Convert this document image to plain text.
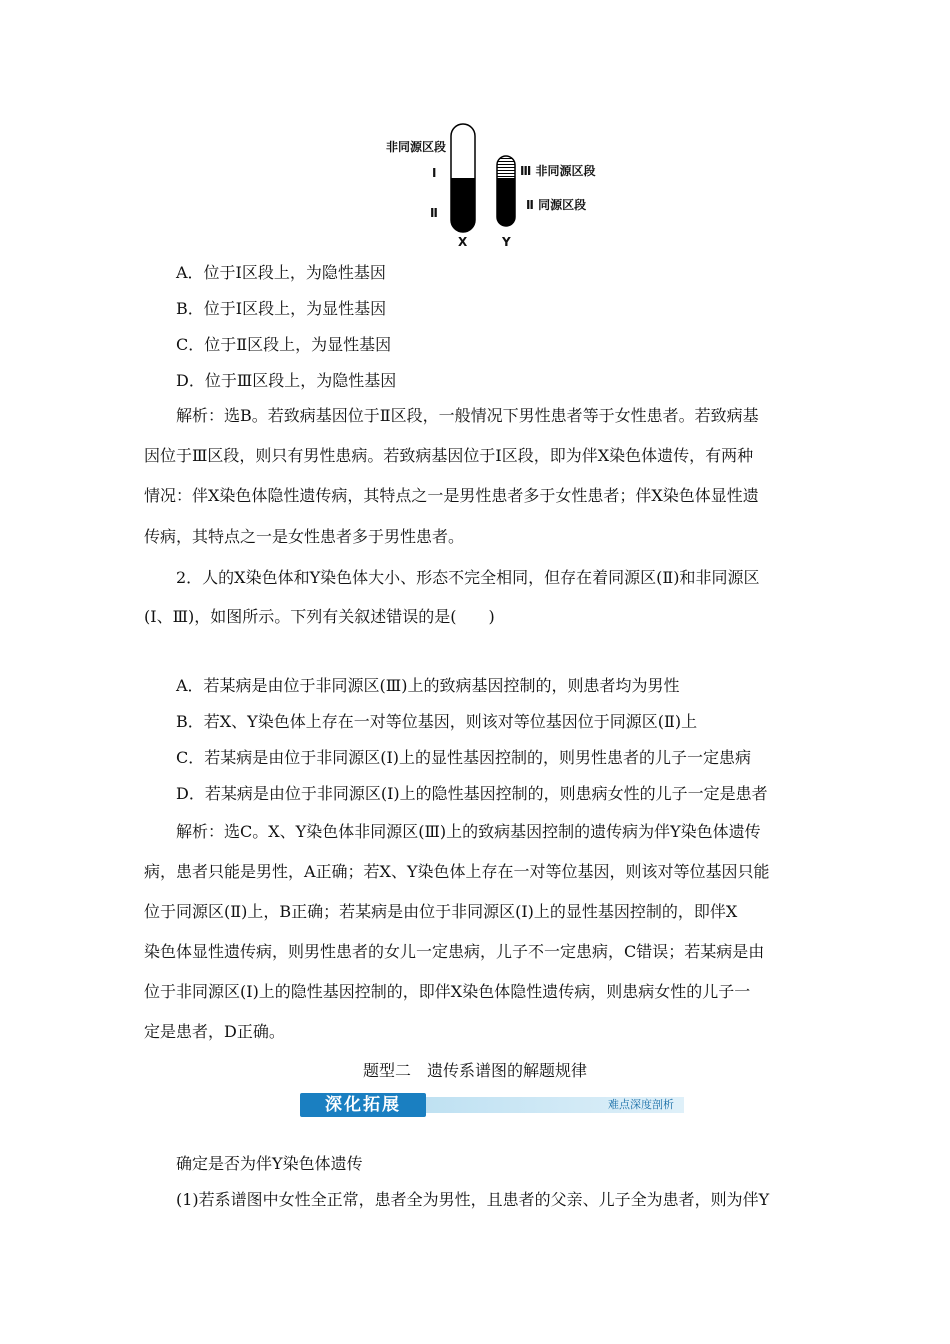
非同源区段
Ⅰ
Ⅱ
X	Y
Ⅲ 非同源区段
Ⅱ 同源区段
A．位于Ⅰ区段上，为隐性基因
B．位于Ⅰ区段上，为显性基因
C．位于Ⅱ区段上，为显性基因
D．位于Ⅲ区段上，为隐性基因
解析：选B。若致病基因位于Ⅱ区段，一般情况下男性患者等于女性患者。若致病基
因位于Ⅲ区段，则只有男性患病。若致病基因位于Ⅰ区段，即为伴X染色体遗传，有两种
情况：伴X染色体隐性遗传病，其特点之一是男性患者多于女性患者；伴X染色体显性遗
传病，其特点之一是女性患者多于男性患者。
2．人的X染色体和Y染色体大小、形态不完全相同，但存在着同源区(Ⅱ)和非同源区
(Ⅰ、Ⅲ)，如图所示。下列有关叙述错误的是(　　)
A．若某病是由位于非同源区(Ⅲ)上的致病基因控制的，则患者均为男性
B．若X、Y染色体上存在一对等位基因，则该对等位基因位于同源区(Ⅱ)上
C．若某病是由位于非同源区(Ⅰ)上的显性基因控制的，则男性患者的儿子一定患病
D．若某病是由位于非同源区(Ⅰ)上的隐性基因控制的，则患病女性的儿子一定是患者
解析：选C。X、Y染色体非同源区(Ⅲ)上的致病基因控制的遗传病为伴Y染色体遗传
病，患者只能是男性，A正确；若X、Y染色体上存在一对等位基因，则该对等位基因只能
位于同源区(Ⅱ)上，B正确；若某病是由位于非同源区(Ⅰ)上的显性基因控制的，即伴X
染色体显性遗传病，则男性患者的女儿一定患病，儿子不一定患病，C错误；若某病是由
位于非同源区(Ⅰ)上的隐性基因控制的，即伴X染色体隐性遗传病，则患病女性的儿子一
定是患者，D正确。
题型二　遗传系谱图的解题规律
深化拓展	难点深度剖析
确定是否为伴Y染色体遗传
(1)若系谱图中女性全正常，患者全为男性，且患者的父亲、儿子全为患者，则为伴Y
